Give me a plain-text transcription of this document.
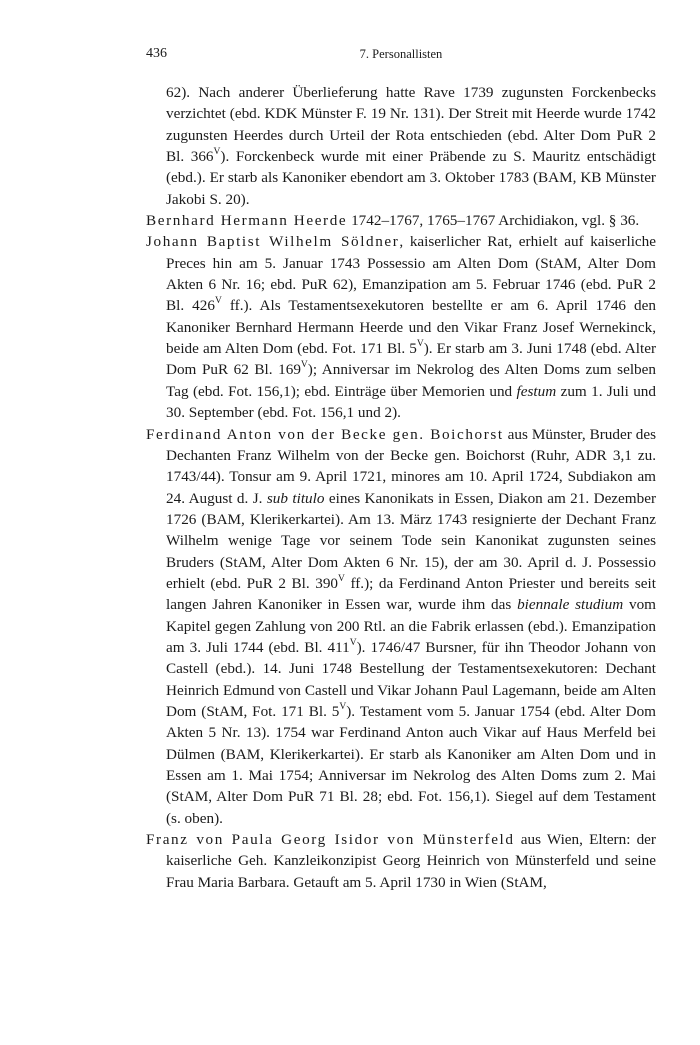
436	7. Personallisten

62). Nach anderer Überlieferung hatte Rave 1739 zugunsten Forckenbecks verzichtet (ebd. KDK Münster F. 19 Nr. 131). Der Streit mit Heerde wurde 1742 zugunsten Heerdes durch Urteil der Rota entschieden (ebd. Alter Dom PuR 2 Bl. $366^V$). Forckenbeck wurde mit einer Präbende zu S. Mauritz entschädigt (ebd.). Er starb als Kanoniker ebendort am 3. Oktober 1783 (BAM, KB Münster Jakobi S. 20).

Bernhard Hermann Heerde 1742–1767, 1765–1767 Archidiakon, vgl. § 36.

Johann Baptist Wilhelm Söldner, kaiserlicher Rat, erhielt auf kaiserliche Preces hin am 5. Januar 1743 Possessio am Alten Dom (StAM, Alter Dom Akten 6 Nr. 16; ebd. PuR 62), Emanzipation am 5. Februar 1746 (ebd. PuR 2 Bl. $426^V$ ff.). Als Testamentsexekutoren bestellte er am 6. April 1746 den Kanoniker Bernhard Hermann Heerde und den Vikar Franz Josef Wernekinck, beide am Alten Dom (ebd. Fot. 171 Bl. $5^V$). Er starb am 3. Juni 1748 (ebd. Alter Dom PuR 62 Bl. $169^V$); Anniversar im Nekrolog des Alten Doms zum selben Tag (ebd. Fot. 156,1); ebd. Einträge über Memorien und festum zum 1. Juli und 30. September (ebd. Fot. 156,1 und 2).

Ferdinand Anton von der Becke gen. Boichorst aus Münster, Bruder des Dechanten Franz Wilhelm von der Becke gen. Boichorst (Ruhr, ADR 3,1 zu. 1743/44). Tonsur am 9. April 1721, minores am 10. April 1724, Subdiakon am 24. August d. J. sub titulo eines Kanonikats in Essen, Diakon am 21. Dezember 1726 (BAM, Klerikerkartei). Am 13. März 1743 resignierte der Dechant Franz Wilhelm wenige Tage vor seinem Tode sein Kanonikat zugunsten seines Bruders (StAM, Alter Dom Akten 6 Nr. 15), der am 30. April d. J. Possessio erhielt (ebd. PuR 2 Bl. $390^V$ ff.); da Ferdinand Anton Priester und bereits seit langen Jahren Kanoniker in Essen war, wurde ihm das biennale studium vom Kapitel gegen Zahlung von 200 Rtl. an die Fabrik erlassen (ebd.). Emanzipation am 3. Juli 1744 (ebd. Bl. $411^V$). 1746/47 Bursner, für ihn Theodor Johann von Castell (ebd.). 14. Juni 1748 Bestellung der Testamentsexekutoren: Dechant Heinrich Edmund von Castell und Vikar Johann Paul Lagemann, beide am Alten Dom (StAM, Fot. 171 Bl. $5^V$). Testament vom 5. Januar 1754 (ebd. Alter Dom Akten 5 Nr. 13). 1754 war Ferdinand Anton auch Vikar auf Haus Merfeld bei Dülmen (BAM, Klerikerkartei). Er starb als Kanoniker am Alten Dom und in Essen am 1. Mai 1754; Anniversar im Nekrolog des Alten Doms zum 2. Mai (StAM, Alter Dom PuR 71 Bl. 28; ebd. Fot. 156,1). Siegel auf dem Testament (s. oben).

Franz von Paula Georg Isidor von Münsterfeld aus Wien, Eltern: der kaiserliche Geh. Kanzleikonzipist Georg Heinrich von Münsterfeld und seine Frau Maria Barbara. Getauft am 5. April 1730 in Wien (StAM,
